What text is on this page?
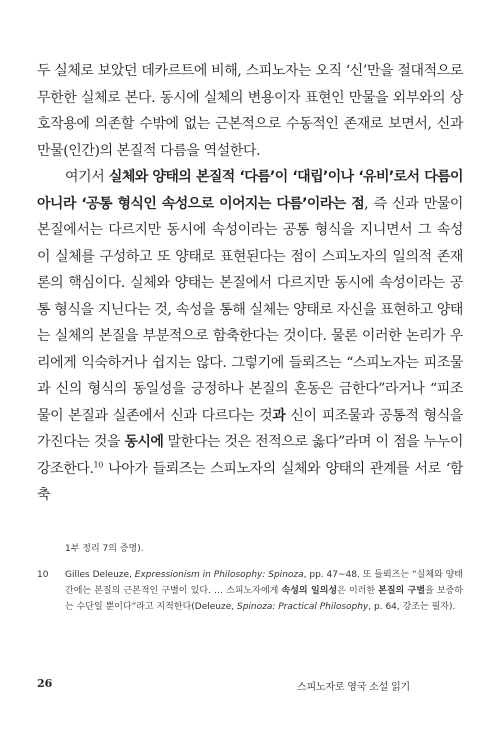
두 실체로 보았던 데카르트에 비해, 스피노자는 오직 ‘신’만을 절대적으로 무한한 실체로 본다. 동시에 실체의 변용이자 표현인 만물을 외부와의 상호작용에 의존할 수밖에 없는 근본적으로 수동적인 존재로 보면서, 신과 만물(인간)의 본질적 다름을 역설한다.

여기서 실체와 양태의 본질적 ‘다름’이 ‘대립’이나 ‘유비’로서 다름이 아니라 ‘공통 형식인 속성으로 이어지는 다름’이라는 점, 즉 신과 만물이 본질에서는 다르지만 동시에 속성이라는 공통 형식을 지니면서 그 속성이 실체를 구성하고 또 양태로 표현된다는 점이 스피노자의 일의적 존재론의 핵심이다. 실체와 양태는 본질에서 다르지만 동시에 속성이라는 공통 형식을 지닌다는 것, 속성을 통해 실체는 양태로 자신을 표현하고 양태는 실체의 본질을 부분적으로 함축한다는 것이다. 물론 이러한 논리가 우리에게 익숙하거나 쉽지는 않다. 그렇기에 들뢰즈는 “스피노자는 피조물과 신의 형식의 동일성을 긍정하나 본질의 혼동은 금한다”라거나 “피조물이 본질과 실존에서 신과 다르다는 것과 신이 피조물과 공통적 형식을 가진다는 것을 동시에 말한다는 것은 전적으로 옳다”라며 이 점을 누누이 강조한다.$^{10}$ 나아가 들뢰즈는 스피노자의 실체와 양태의 관계를 서로 ‘함축

1부 정리 7의 증명).
10	Gilles Deleuze, Expressionism in Philosophy: Spinoza, pp. 47~48. 또 들뢰즈는 “실체와 양태 간에는 본질의 근본적인 구별이 있다. … 스피노자에게 속성의 일의성은 이러한 본질의 구별을 보증하는 수단일 뿐이다”라고 지적한다(Deleuze, Spinoza: Practical Philosophy, p. 64, 강조는 필자).
26	스피노자로 영국 소설 읽기
